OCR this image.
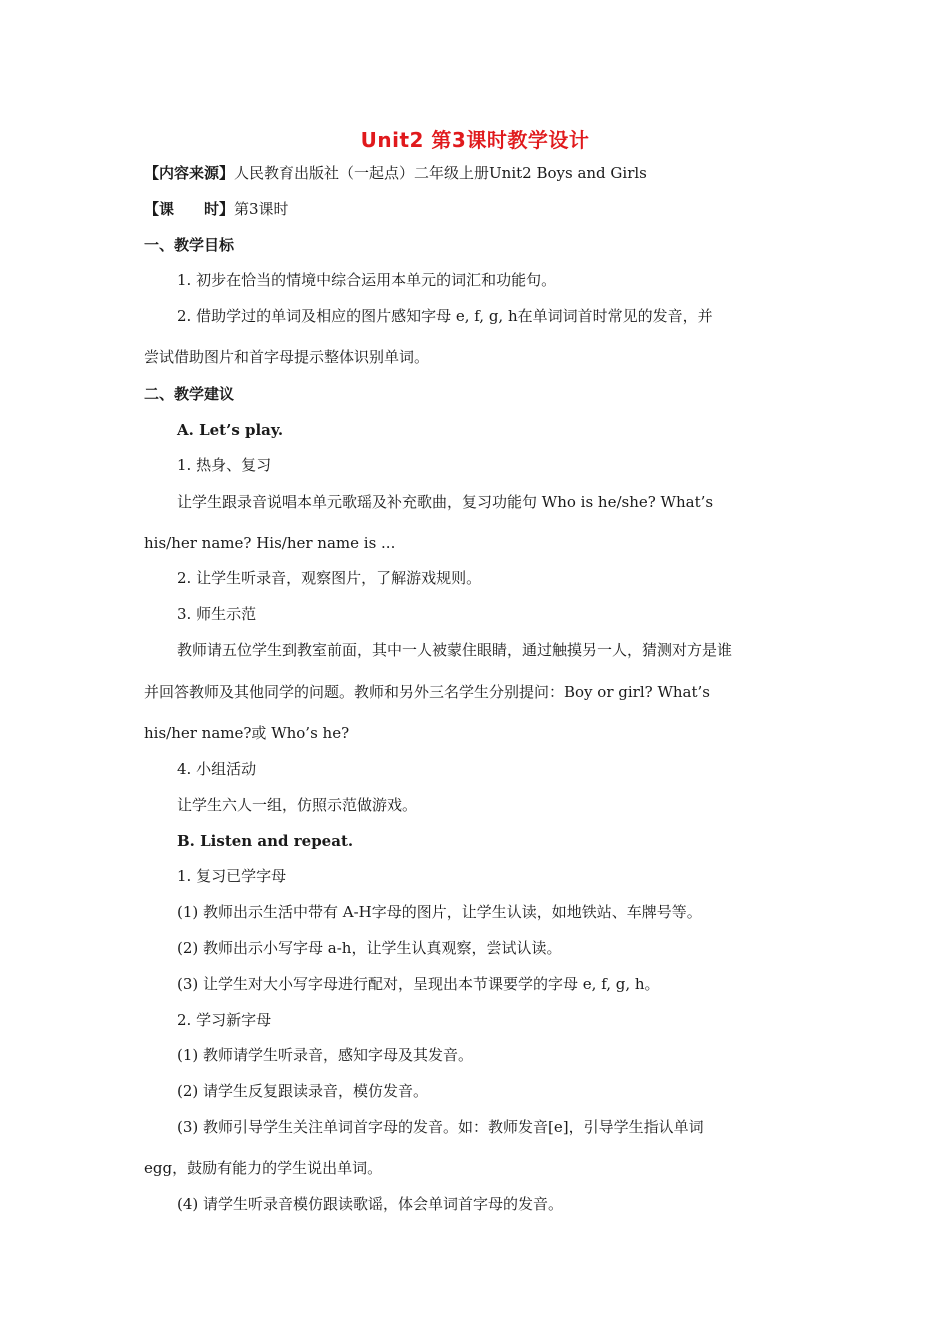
Unit2 第3课时教学设计
【内容来源】人民教育出版社（一起点）二年级上册Unit2 Boys and Girls
【课　　时】第3课时
一、教学目标
1. 初步在恰当的情境中综合运用本单元的词汇和功能句。
2. 借助学过的单词及相应的图片感知字母 e, f, g, h在单词词首时常见的发音，并
尝试借助图片和首字母提示整体识别单词。
二、教学建议
A. Let’s play.
1. 热身、复习
让学生跟录音说唱本单元歌瑶及补充歌曲，复习功能句 Who is he/she? What’s
his/her name? His/her name is ...
2. 让学生听录音，观察图片，了解游戏规则。
3. 师生示范
教师请五位学生到教室前面，其中一人被蒙住眼睛，通过触摸另一人，猜测对方是谁
并回答教师及其他同学的问题。教师和另外三名学生分别提问：Boy or girl? What’s
his/her name?或 Who’s he?
4. 小组活动
让学生六人一组，仿照示范做游戏。
B. Listen and repeat.
1. 复习已学字母
(1) 教师出示生活中带有 A-H字母的图片，让学生认读，如地铁站、车牌号等。
(2) 教师出示小写字母 a-h，让学生认真观察，尝试认读。
(3) 让学生对大小写字母进行配对，呈现出本节课要学的字母 e, f, g, h。
2. 学习新字母
(1) 教师请学生听录音，感知字母及其发音。
(2) 请学生反复跟读录音，模仿发音。
(3) 教师引导学生关注单词首字母的发音。如：教师发音[e]，引导学生指认单词
egg，鼓励有能力的学生说出单词。
(4) 请学生听录音模仿跟读歌谣，体会单词首字母的发音。
